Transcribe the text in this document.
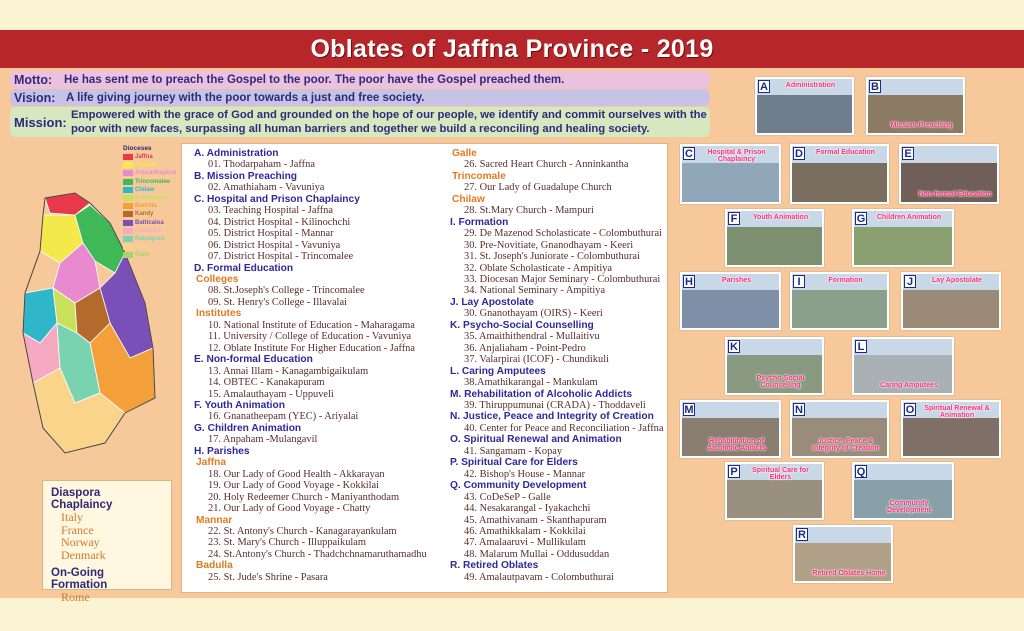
Oblates of Jaffna Province - 2019
Motto:	He has sent me to preach the Gospel to the poor. The poor have the Gospel preached them.
Vision: A life giving journey with the poor towards a just and free society.
Mission: Empowered with the grace of God and grounded on the hope of our people, we identify and commit ourselves with the poor with new faces, surpassing all human barriers and together we build a reconciling and healing society.
Dioceses
Jaffna
Mannar
Anuradhapura
Trincomalee
Chilaw
Kurunegala
Badulla
Kandy
Batticaloa
Colombo
Ratnapura
Galle
Galle
A. Administration
01. Thodarpaham - Jaffna
B. Mission Preaching
02. Amathiaham - Vavuniya
C. Hospital and Prison Chaplaincy
03. Teaching Hospital - Jaffna
04. District Hospital - Kilinochchi
05. District Hospital - Mannar
06. District Hospital - Vavuniya
07. District Hospital - Trincomalee
D. Formal Education
Colleges
08. St.Joseph's College - Trincomalee
09. St. Henry's College - Illavalai
Institutes
10. National Institute of Education - Maharagama
11. University / College of Education - Vavuniya
12. Oblate Institute For Higher Education - Jaffna
E. Non-formal Education
13. Annai Illam - Kanagambigaikulam
14. OBTEC - Kanakapuram
15. Amalauthayam - Uppuveli
F. Youth Animation
16. Gnanatheepam (YEC) - Ariyalai
G. Children Animation
17. Anpaham -Mulangavil
H. Parishes
Jaffna
18. Our Lady of Good Health - Akkarayan
19. Our Lady of Good Voyage - Kokkilai
20. Holy Redeemer Church - Maniyanthodam
21. Our Lady of Good Voyage - Chatty
Mannar
22. St. Antony's Church - Kanagarayankulam
23. St. Mary's Church - Illuppaikulam
24. St.Antony's Church - Thadchchnamaruthamadhu
Badulla
25. St. Jude's Shrine - Pasara
Galle
26. Sacred Heart Church - Anninkantha
Trincomale
27. Our Lady of Guadalupe Church
Chilaw
28. St.Mary Church - Mampuri
I. Formation
29. De Mazenod Scholasticate - Colombuthurai
30. Pre-Novitiate, Gnanodhayam - Keeri
31. St. Joseph's Juniorate - Colombuthurai
32. Oblate Scholasticate - Ampitiya
33. Diocesan Major Seminary - Colombuthurai
34. National Seminary - Ampitiya
J. Lay Apostolate
30. Gnanothayam (OIRS) - Keeri
K. Psycho-Social Counselling
35. Amaithithendral - Mullaitivu
36. Anjaliaham - Point-Pedro
37. Valarpirai (ICOF) - Chundikuli
L. Caring Amputees
38.Amathikarangal - Mankulam
M. Rehabilitation of Alcoholic Addicts
39. Thiruppumunai (CRADA) - Thoddaveli
N. Justice, Peace and Integrity of Creation
40. Center for Peace and Reconciliation - Jaffna
O. Spiritual Renewal and Animation
41. Sangamam - Kopay
P. Spiritual Care for Elders
42. Bishop's House - Mannar
Q. Community Development
43. CoDeSeP - Galle
44. Nesakarangal - Iyakachchi
45. Amathivanam - Skanthapuram
46. Amathikkalam - Kokkilai
47. Amalaaruvi - Mullikulam
48. Malarum Mullai - Oddusuddan
R. Retired Oblates
49. Amalautpavam - Colombuthurai
Diaspora Chaplaincy
Italy
France
Norway
Denmark
On-Going Formation
Rome
A	Administration	B
Mission Preaching
C	Hospital & Prison Chaplaincy	D	Formal Education	E
Non-formal Education
F	Youth Animation	G	Children Animation
H	Parishes	I	Formation	J	Lay Apostolate
K
Psycho-Social Counselling
L
Caring Amputees
M
Rehabilitation of Alcoholic Addicts
N
Justice, Peace & Integrity of Creation
O	Spiritual Renewal & Animation
P	Spiritual Care for Elders	Q
Community Development
R
Retired Oblates Home
